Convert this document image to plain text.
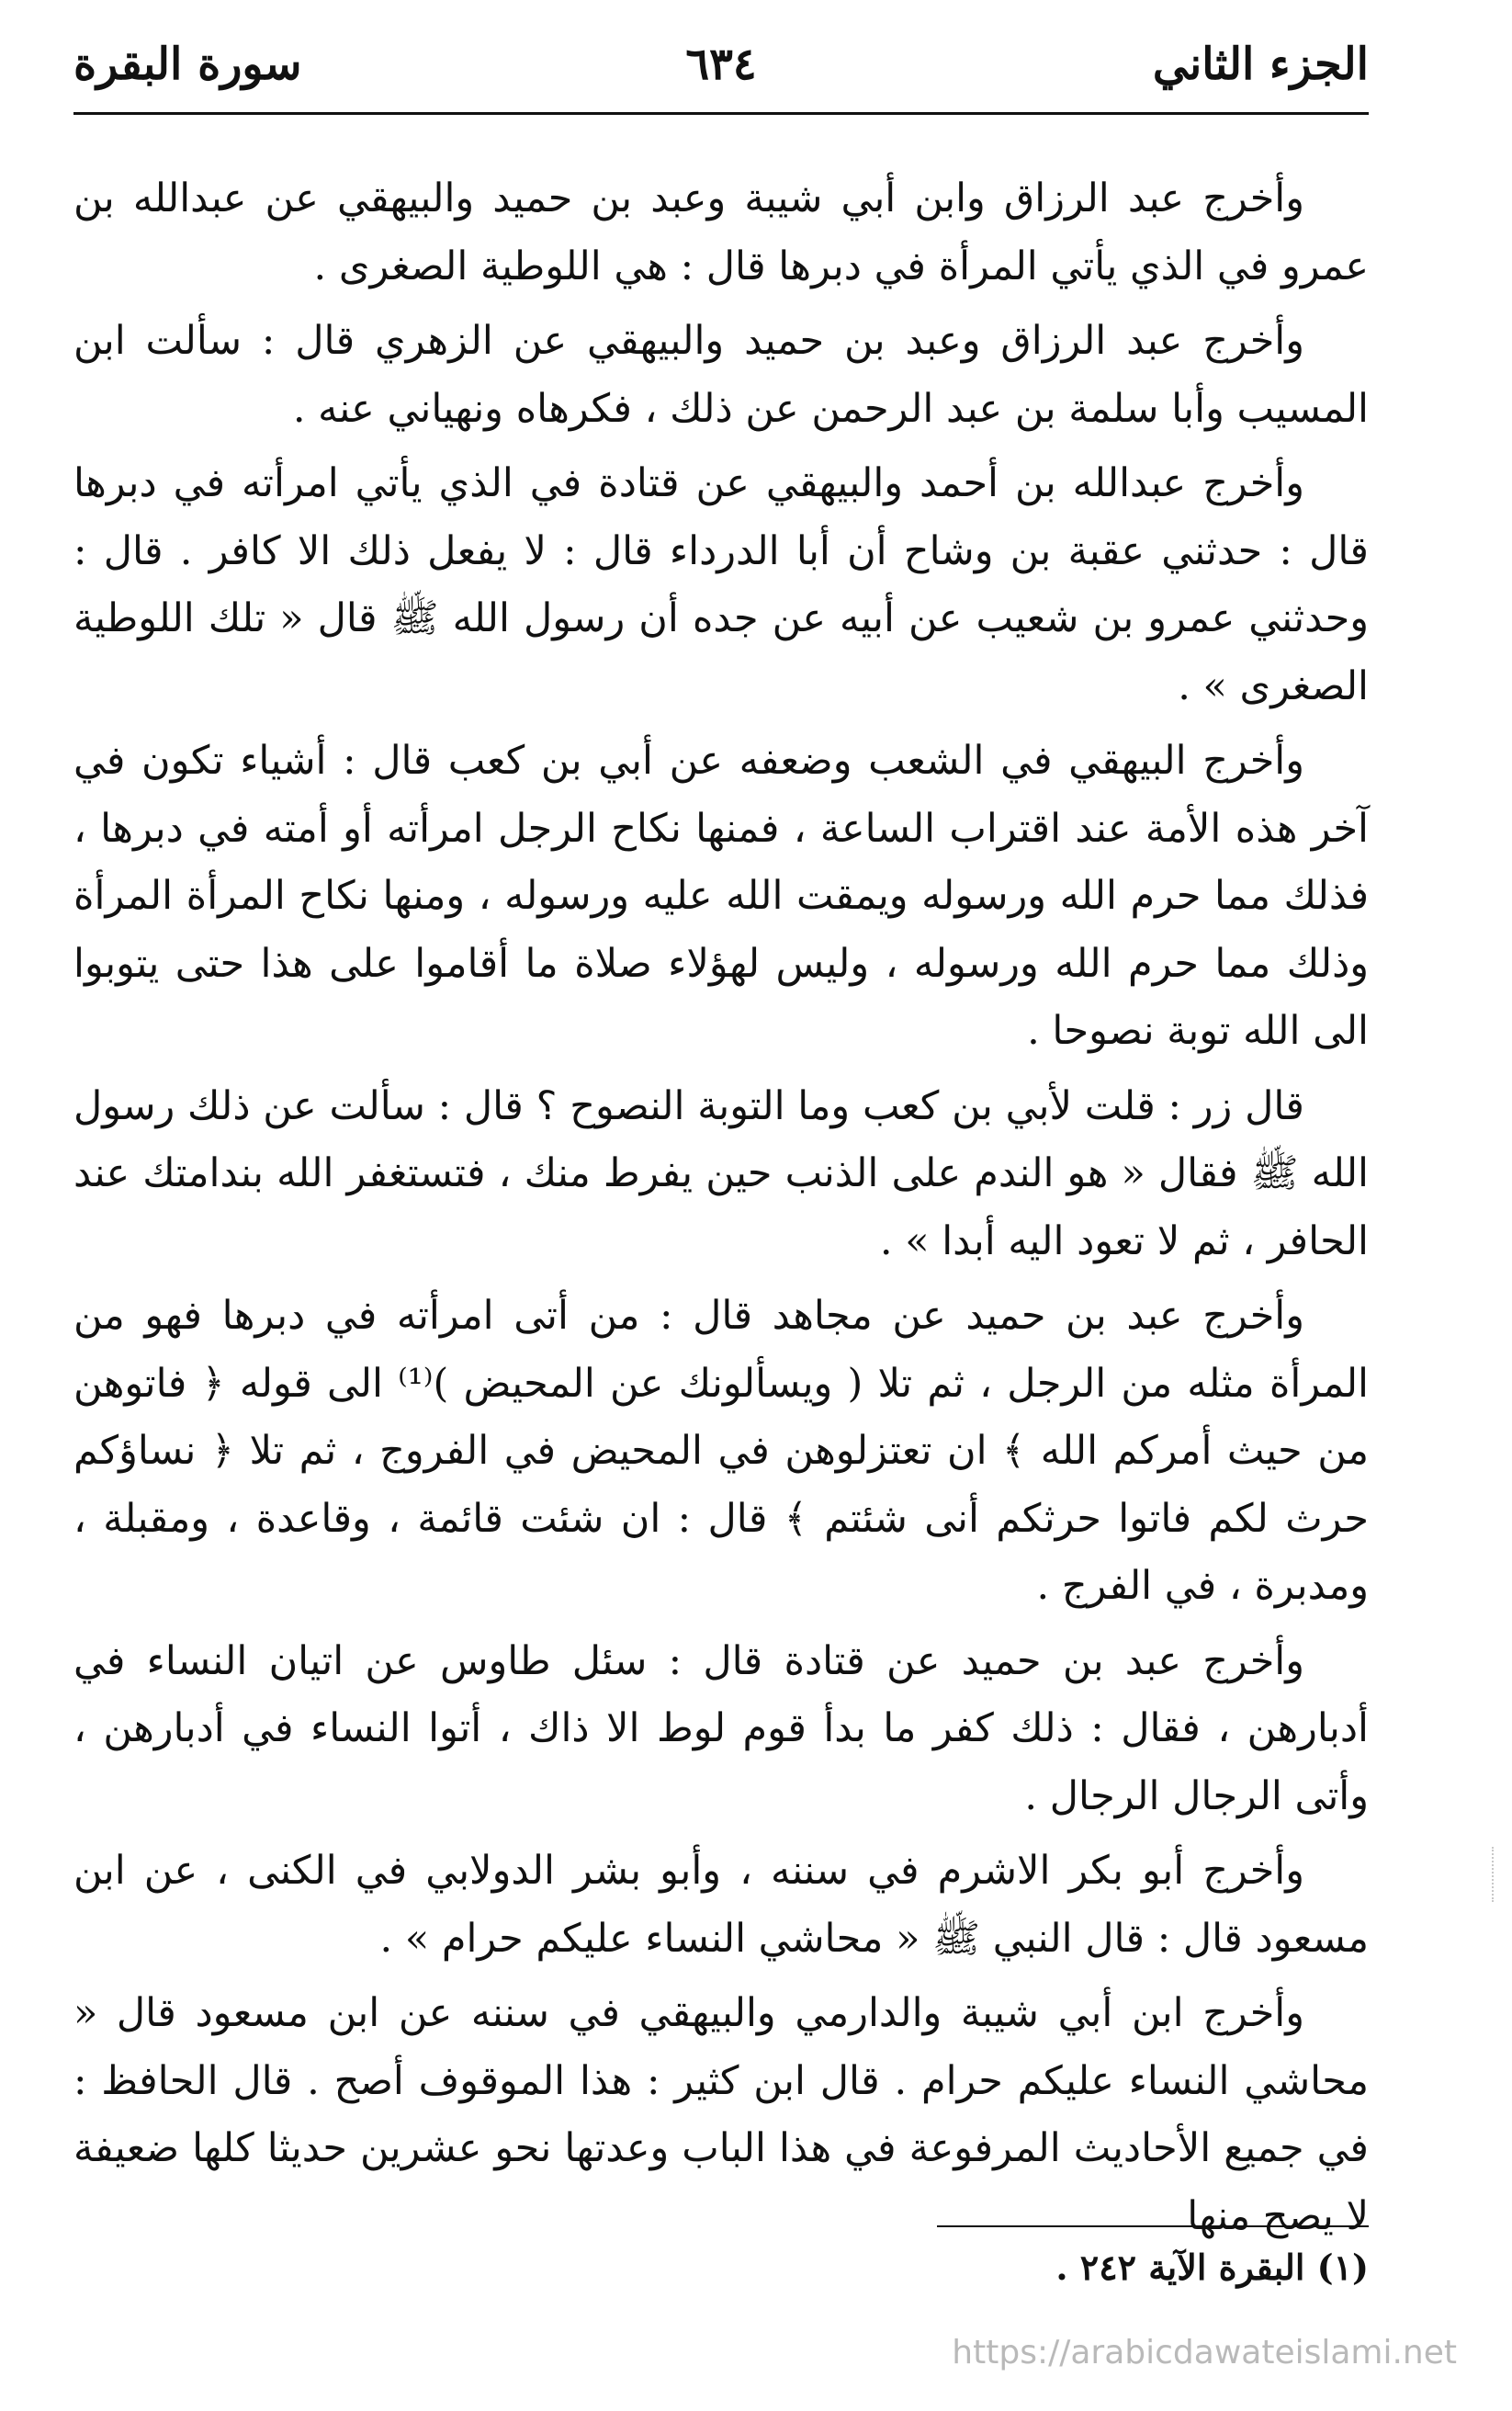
الجزء الثاني
٦٣٤
سورة البقرة

وأخرج عبد الرزاق وابن أبي شيبة وعبد بن حميد والبيهقي عن عبدالله بن عمرو في الذي يأتي المرأة في دبرها قال : هي اللوطية الصغرى .

وأخرج عبد الرزاق وعبد بن حميد والبيهقي عن الزهري قال : سألت ابن المسيب وأبا سلمة بن عبد الرحمن عن ذلك ، فكرهاه ونهياني عنه .

وأخرج عبدالله بن أحمد والبيهقي عن قتادة في الذي يأتي امرأته في دبرها قال : حدثني عقبة بن وشاح أن أبا الدرداء قال : لا يفعل ذلك الا كافر . قال : وحدثني عمرو بن شعيب عن أبيه عن جده أن رسول الله ﷺ قال « تلك اللوطية الصغرى » .

وأخرج البيهقي في الشعب وضعفه عن أبي بن كعب قال : أشياء تكون في آخر هذه الأمة عند اقتراب الساعة ، فمنها نكاح الرجل امرأته أو أمته في دبرها ، فذلك مما حرم الله ورسوله ويمقت الله عليه ورسوله ، ومنها نكاح المرأة المرأة وذلك مما حرم الله ورسوله ، وليس لهؤلاء صلاة ما أقاموا على هذا حتى يتوبوا الى الله توبة نصوحا .

قال زر : قلت لأبي بن كعب وما التوبة النصوح ؟ قال : سألت عن ذلك رسول الله ﷺ فقال « هو الندم على الذنب حين يفرط منك ، فتستغفر الله بندامتك عند الحافر ، ثم لا تعود اليه أبدا » .

وأخرج عبد بن حميد عن مجاهد قال : من أتى امرأته في دبرها فهو من المرأة مثله من الرجل ، ثم تلا ( ويسألونك عن المحيض )⁽¹⁾ الى قوله ﴿ فاتوهن من حيث أمركم الله ﴾ ان تعتزلوهن في المحيض في الفروج ، ثم تلا ﴿ نساؤكم حرث لكم فاتوا حرثكم أنى شئتم ﴾ قال : ان شئت قائمة ، وقاعدة ، ومقبلة ، ومدبرة ، في الفرج .

وأخرج عبد بن حميد عن قتادة قال : سئل طاوس عن اتيان النساء في أدبارهن ، فقال : ذلك كفر ما بدأ قوم لوط الا ذاك ، أتوا النساء في أدبارهن ، وأتى الرجال الرجال .

وأخرج أبو بكر الاشرم في سننه ، وأبو بشر الدولابي في الكنى ، عن ابن مسعود قال : قال النبي ﷺ « محاشي النساء عليكم حرام » .

وأخرج ابن أبي شيبة والدارمي والبيهقي في سننه عن ابن مسعود قال « محاشي النساء عليكم حرام . قال ابن كثير : هذا الموقوف أصح . قال الحافظ : في جميع الأحاديث المرفوعة في هذا الباب وعدتها نحو عشرين حديثا كلها ضعيفة لا يصح منها

(١) البقرة الآية ٢٤٢ .
https://arabicdawateislami.net
